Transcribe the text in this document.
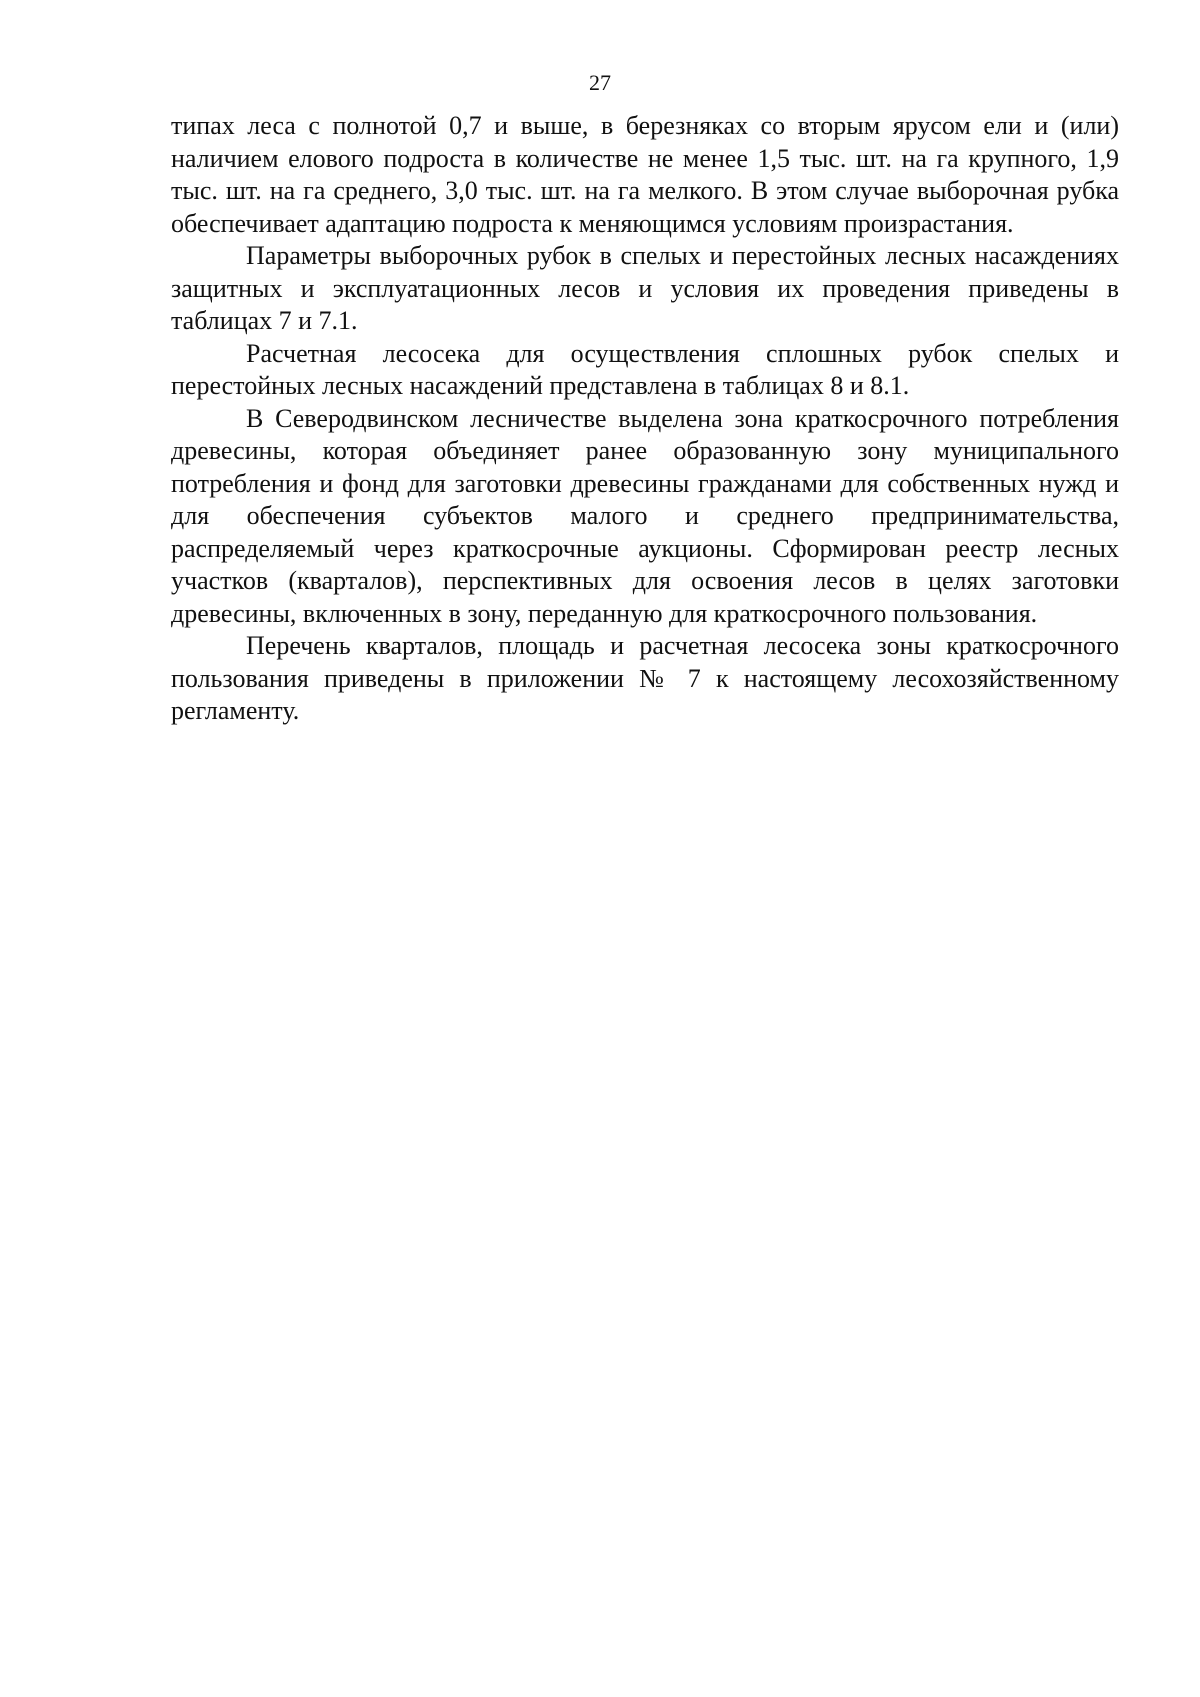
27

типах леса с полнотой 0,7 и выше, в березняках со вторым ярусом ели и (или) наличием елового подроста в количестве не менее 1,5 тыс. шт. на га крупного, 1,9 тыс. шт. на га среднего, 3,0 тыс. шт. на га мелкого. В этом случае выборочная рубка обеспечивает адаптацию подроста к меняющимся условиям произрастания.

Параметры выборочных рубок в спелых и перестойных лесных насаждениях защитных и эксплуатационных лесов и условия их проведения приведены в таблицах 7 и 7.1.

Расчетная лесосека для осуществления сплошных рубок спелых и перестойных лесных насаждений представлена в таблицах 8 и 8.1.

В Северодвинском лесничестве выделена зона краткосрочного потребления древесины, которая объединяет ранее образованную зону муниципального потребления и фонд для заготовки древесины гражданами для собственных нужд и для обеспечения субъектов малого и среднего предпринимательства, распределяемый через краткосрочные аукционы. Сформирован реестр лесных участков (кварталов), перспективных для освоения лесов в целях заготовки древесины, включенных в зону, переданную для краткосрочного пользования.

Перечень кварталов, площадь и расчетная лесосека зоны краткосрочного пользования приведены в приложении № 7 к настоящему лесохозяйственному регламенту.
